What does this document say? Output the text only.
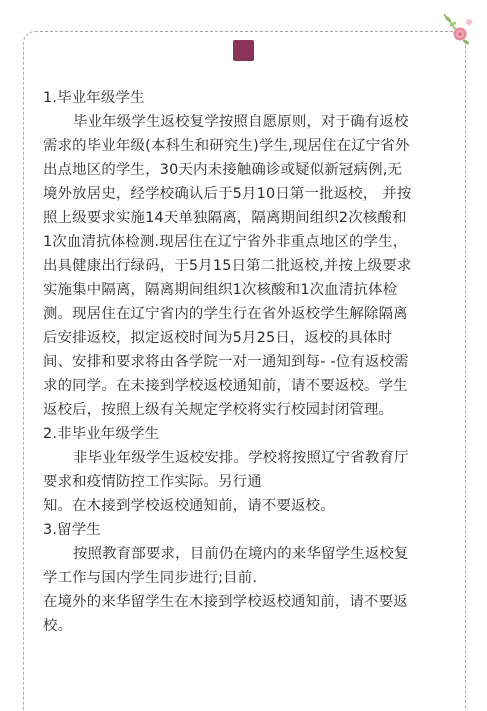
1.毕业年级学生
毕业年级学生返校复学按照自愿原则，对于确有返校
需求的毕业年级(本科生和研究生)学生,现居住在辽宁省外
出点地区的学生，30天内未接触确诊或疑似新冠病例,无
境外放居史，经学校确认后于5月10日第一批返校， 并按
照上级要求实施14天单独隔离，隔离期间组织2次核酸和
1次血清抗体检测.现居住在辽宁省外非重点地区的学生，
出具健康出行绿码，于5月15日第二批返校,并按上级要求
实施集中隔离，隔离期间组织1次核酸和1次血清抗体检
测。现居住在辽宁省内的学生行在省外返校学生解除隔离
后安排返校，拟定返校时间为5月25日，返校的具体时
间、安排和要求将由各学院一对一通知到每- -位有返校需
求的同学。在未接到学校返校通知前，请不要返校。学生
返校后，按照上级有关规定学校将实行校园封闭管理。
2.非毕业年级学生
非毕业年级学生返校安排。学校将按照辽宁省教育厅
要求和疫情防控工作实际。另行通
知。在木接到学校返校通知前，请不要返校。
3.留学生
按照教育部要求，目前仍在境内的来华留学生返校复
学工作与国内学生同步进行;目前.
在境外的来华留学生在木接到学校返校通知前，请不要返
校。
